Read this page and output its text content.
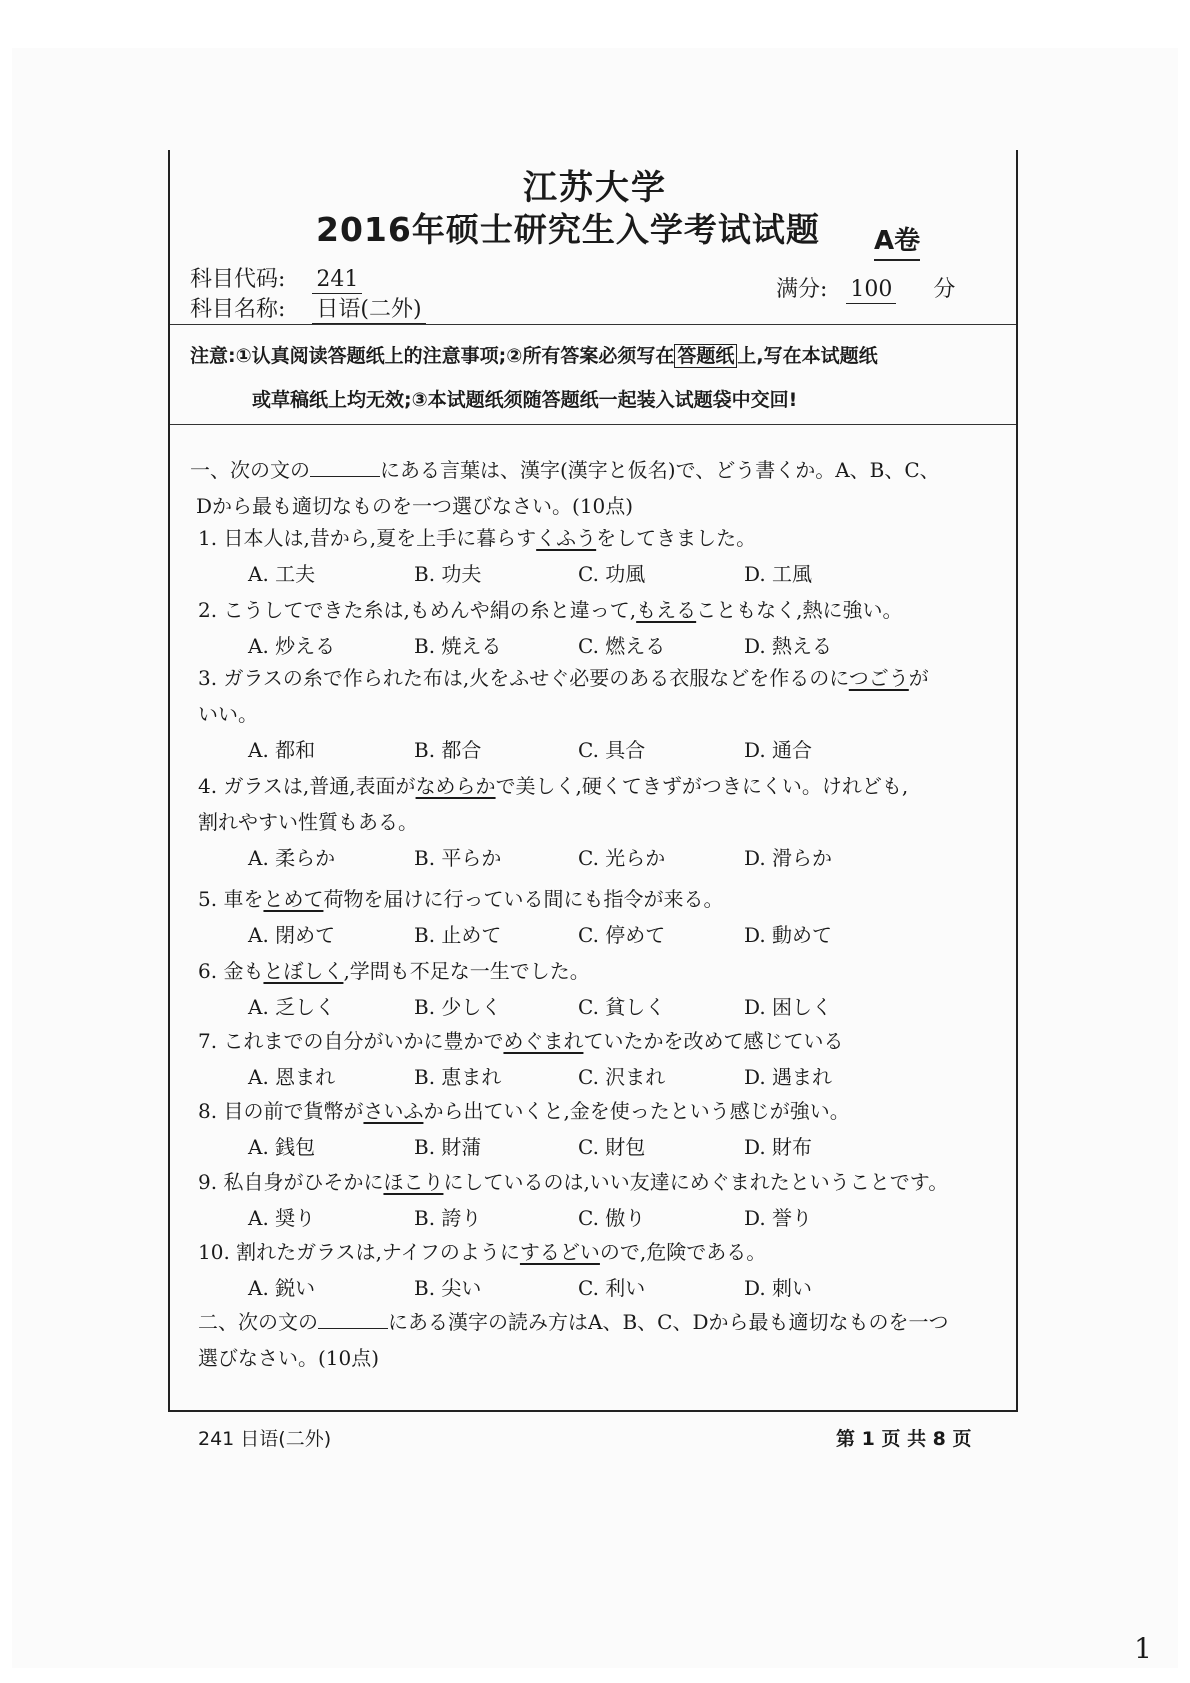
江苏大学
2016年硕士研究生入学考试试题 A卷
科目代码: 241
科目名称: 日语(二外)
满分: 100 分
注意:①认真阅读答题纸上的注意事项;②所有答案必须写在 答题纸 上,写在本试题纸
或草稿纸上均无效;③本试题纸须随答题纸一起装入试题袋中交回!
一、次の文の	にある言葉は、漢字(漢字と仮名)で、どう書くか。A、B、C、
Dから最も適切なものを一つ選びなさい。(10点)
1. 日本人は,昔から,夏を上手に暮らすくふうをしてきました。
A. 工夫	B. 功夫	C. 功風	D. 工風
2. こうしてできた糸は,もめんや絹の糸と違って,もえることもなく,熱に強い。
A. 炒える	B. 焼える	C. 燃える	D. 熱える
3. ガラスの糸で作られた布は,火をふせぐ必要のある衣服などを作るのにつごうが
いい。
A. 都和	B. 都合	C. 具合	D. 通合
4. ガラスは,普通,表面がなめらかで美しく,硬くてきずがつきにくい。けれども,
割れやすい性質もある。
A. 柔らか	B. 平らか	C. 光らか	D. 滑らか
5. 車をとめて荷物を届けに行っている間にも指令が来る。
A. 閉めて	B. 止めて	C. 停めて	D. 動めて
6. 金もとぼしく,学問も不足な一生でした。
A. 乏しく	B. 少しく	C. 貧しく	D. 困しく
7. これまでの自分がいかに豊かでめぐまれていたかを改めて感じている
A. 恩まれ	B. 恵まれ	C. 沢まれ	D. 遇まれ
8. 目の前で貨幣がさいふから出ていくと,金を使ったという感じが強い。
A. 銭包	B. 財蒲	C. 財包	D. 財布
9. 私自身がひそかにほこりにしているのは,いい友達にめぐまれたということです。
A. 奨り	B. 誇り	C. 傲り	D. 誉り
10. 割れたガラスは,ナイフのようにするどいので,危険である。
A. 鋭い	B. 尖い	C. 利い	D. 刺い
二、次の文の	にある漢字の読み方はA、B、C、Dから最も適切なものを一つ
選びなさい。(10点)
241 日语(二外)	第 1 页 共 8 页
1
